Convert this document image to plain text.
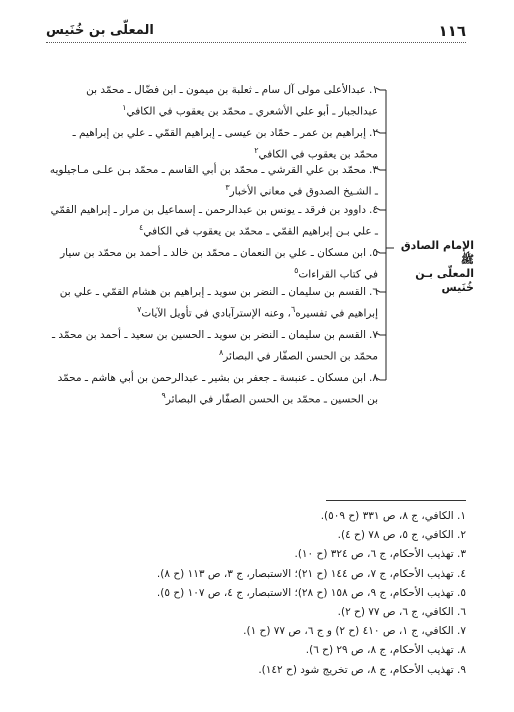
١١٦
المعلّى بن خُنَيس
١.عبدالأعلى مولى آل سام ـ ثعلبة بن ميمون ـ ابن فضّال ـ محمّد بن عبدالجبار ـ أبو علي الأشعري ـ محمّد بن يعقوب في الكافي$^١$
٢.إبراهيم بن عمر ـ حمّاد بن عيسى ـ إبراهيم القمّي ـ علي بن إبراهيم ـ محمّد بن يعقوب في الكافي$^٢$
٣.محمّد بن علي القرشي ـ محمّد بن أبي القاسم ـ محمّد بـن علـى مـاجيلويه ـ الشـيخ الصدوق في معاني الأخبار$^٣$
٤.داوود بن فرقد ـ يونس بن عبدالرحمن ـ إسماعيل بن مرار ـ إبراهيم القمّي ـ علي بـن إبراهيم القمّي ـ محمّد بن يعقوب في الكافي$^٤$
٥.ابن مسكان ـ علي بن النعمان ـ محمّد بن خالد ـ أحمد بن محمّد بن سيار في كتاب القراءات$^٥$
٦.القسم بن سليمان ـ النضر بن سويد ـ إبراهيم بن هشام القمّي ـ علي بن إبراهيم في تفسيره$^٦$، وعنه الإسترآبادي في تأويل الآيات$^٧$
٧.القسم بن سليمان ـ النضر بن سويد ـ الحسين بن سعيد ـ أحمد بن محمّد ـ محمّد بن الحسن الصفّار في البصائر$^٨$
٨.ابن مسكان ـ عنبسة ـ جعفر بن بشير ـ عبدالرحمن بن أبي هاشم ـ محمّد بن الحسين ـ محمّد بن الحسن الصفّار في البصائر$^٩$
الإمام الصادق ﷺ
المعلّى بـن خُنَيس
١. الكافي، ج ٨، ص ٣٣١ (ح ٥٠٩).
٢. الكافي، ج ٥، ص ٧٨ (ح ٤).
٣. تهذيب الأحكام، ج ٦، ص ٣٢٤ (ح ١٠).
٤. تهذيب الأحكام، ج ٧، ص ١٤٤ (ح ٢١)؛ الاستبصار، ج ٣، ص ١١٣ (ح ٨).
٥. تهذيب الأحكام، ج ٩، ص ١٥٨ (ح ٢٨)؛ الاستبصار، ج ٤، ص ١٠٧ (ح ٥).
٦. الكافي، ج ٦، ص ٧٧ (ح ٢).
٧. الكافي، ج ١، ص ٤١٠ (ح ٢) و ج ٦، ص ٧٧ (ح ١).
٨. تهذيب الأحكام، ج ٨، ص ٢٩ (ح ٦).
٩. تهذيب الأحكام، ج ٨، ص تخريج شود (ح ١٤٢).
